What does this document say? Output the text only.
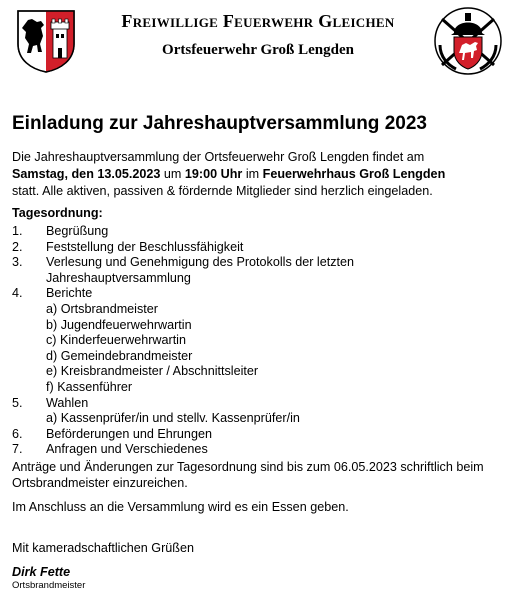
Freiwillige Feuerwehr Gleichen
Ortsfeuerwehr Groß Lengden
Einladung zur Jahreshauptversammlung 2023
Die Jahreshauptversammlung der Ortsfeuerwehr Groß Lengden findet am
Samstag, den 13.05.2023 um 19:00 Uhr im Feuerwehrhaus Groß Lengden
statt. Alle aktiven, passiven & fördernde Mitglieder sind herzlich eingeladen.
Tagesordnung:
1.	Begrüßung
2.	Feststellung der Beschlussfähigkeit
3.	Verlesung und Genehmigung des Protokolls der letzten Jahreshauptversammlung
4.	Berichte
a) Ortsbrandmeister
b) Jugendfeuerwehrwartin
c) Kinderfeuerwehrwartin
d) Gemeindebrandmeister
e) Kreisbrandmeister / Abschnittsleiter
f) Kassenführer
5.	Wahlen
a) Kassenprüfer/in und stellv. Kassenprüfer/in
6.	Beförderungen und Ehrungen
7.	Anfragen und Verschiedenes
Anträge und Änderungen zur Tagesordnung sind bis zum 06.05.2023 schriftlich beim Ortsbrandmeister einzureichen.
Im Anschluss an die Versammlung wird es ein Essen geben.
Mit kameradschaftlichen Grüßen
Dirk Fette
Ortsbrandmeister
